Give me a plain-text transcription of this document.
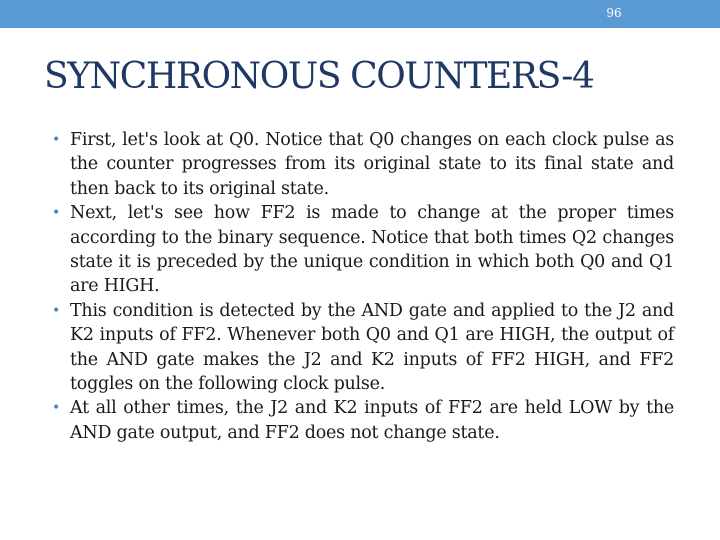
96
SYNCHRONOUS COUNTERS-4
• First, let's look at Q0. Notice that Q0 changes on each clock pulse as the counter progresses from its original state to its final state and then back to its original state.
• Next, let's see how FF2 is made to change at the proper times according to the binary sequence. Notice that both times Q2 changes state it is preceded by the unique condition in which both Q0 and Q1 are HIGH.
• This condition is detected by the AND gate and applied to the J2 and K2 inputs of FF2. Whenever both Q0 and Q1 are HIGH, the output of the AND gate makes the J2 and K2 inputs of FF2 HIGH, and FF2 toggles on the following clock pulse.
• At all other times, the J2 and K2 inputs of FF2 are held LOW by the AND gate output, and FF2 does not change state.
